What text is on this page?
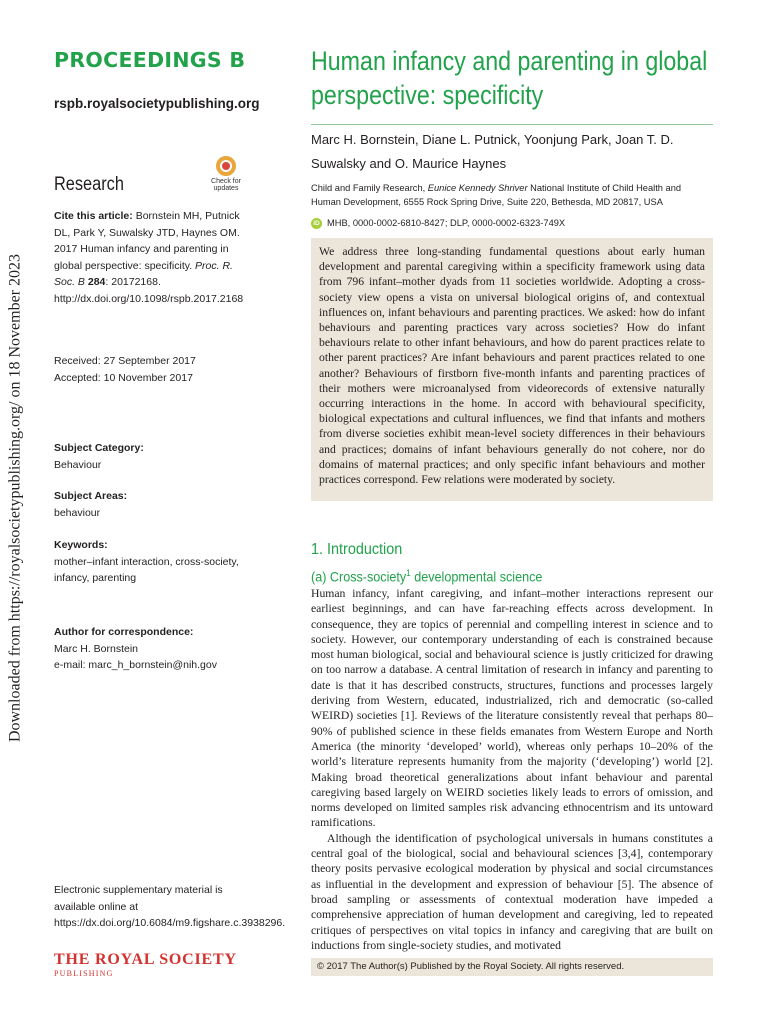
Downloaded from https://royalsocietypublishing.org/ on 18 November 2023
PROCEEDINGS B
rspb.royalsocietypublishing.org
Research	Check for
updates
Cite this article: Bornstein MH, Putnick DL, Park Y, Suwalsky JTD, Haynes OM. 2017 Human infancy and parenting in global perspective: specificity. Proc. R. Soc. B 284: 20172168.
http://dx.doi.org/10.1098/rspb.2017.2168
Received: 27 September 2017
Accepted: 10 November 2017
Subject Category:
Behaviour
Subject Areas:
behaviour
Keywords:
mother–infant interaction, cross-society, infancy, parenting
Author for correspondence:
Marc H. Bornstein
e-mail: marc_h_bornstein@nih.gov
Electronic supplementary material is available online at https://dx.doi.org/10.6084/m9.figshare.c.3938296.
THE ROYAL SOCIETY
PUBLISHING
Human infancy and parenting in global
perspective: specificity
Marc H. Bornstein, Diane L. Putnick, Yoonjung Park, Joan T. D. Suwalsky and O. Maurice Haynes
Child and Family Research, Eunice Kennedy Shriver National Institute of Child Health and Human Development, 6555 Rock Spring Drive, Suite 220, Bethesda, MD 20817, USA
iD MHB, 0000-0002-6810-8427; DLP, 0000-0002-6323-749X
We address three long-standing fundamental questions about early human development and parental caregiving within a specificity framework using data from 796 infant–mother dyads from 11 societies worldwide. Adopting a cross-society view opens a vista on universal biological origins of, and contextual influences on, infant behaviours and parenting practices. We asked: how do infant behaviours and parenting practices vary across societies? How do infant behaviours relate to other infant behaviours, and how do parent practices relate to other parent practices? Are infant behaviours and parent practices related to one another? Behaviours of firstborn five-month infants and parenting practices of their mothers were microanalysed from videorecords of extensive naturally occurring interactions in the home. In accord with behavioural specificity, biological expectations and cultural influences, we find that infants and mothers from diverse societies exhibit mean-level society differences in their behaviours and practices; domains of infant behaviours generally do not cohere, nor do domains of maternal practices; and only specific infant behaviours and mother practices correspond. Few relations were moderated by society.
1. Introduction
(a) Cross-society$^1$ developmental science

Human infancy, infant caregiving, and infant–mother interactions represent our earliest beginnings, and can have far-reaching effects across development. In consequence, they are topics of perennial and compelling interest in science and to society. However, our contemporary understanding of each is constrained because most human biological, social and behavioural science is justly criticized for drawing on too narrow a database. A central limitation of research in infancy and parenting to date is that it has described constructs, structures, functions and processes largely deriving from Western, educated, industrialized, rich and democratic (so-called WEIRD) societies [1]. Reviews of the literature consistently reveal that perhaps 80–90% of published science in these fields emanates from Western Europe and North America (the minority ‘developed’ world), whereas only perhaps 10–20% of the world’s literature represents humanity from the majority (‘developing’) world [2]. Making broad theoretical generalizations about infant behaviour and parental caregiving based largely on WEIRD societies likely leads to errors of omission, and norms developed on limited samples risk advancing ethnocentrism and its untoward ramifications.

Although the identification of psychological universals in humans constitutes a central goal of the biological, social and behavioural sciences [3,4], contemporary theory posits pervasive ecological moderation by physical and social circumstances as influential in the development and expression of behaviour [5]. The absence of broad sampling or assessments of contextual moderation have impeded a comprehensive appreciation of human development and caregiving, led to repeated critiques of perspectives on vital topics in infancy and caregiving that are built on inductions from single-society studies, and motivated

© 2017 The Author(s) Published by the Royal Society. All rights reserved.
